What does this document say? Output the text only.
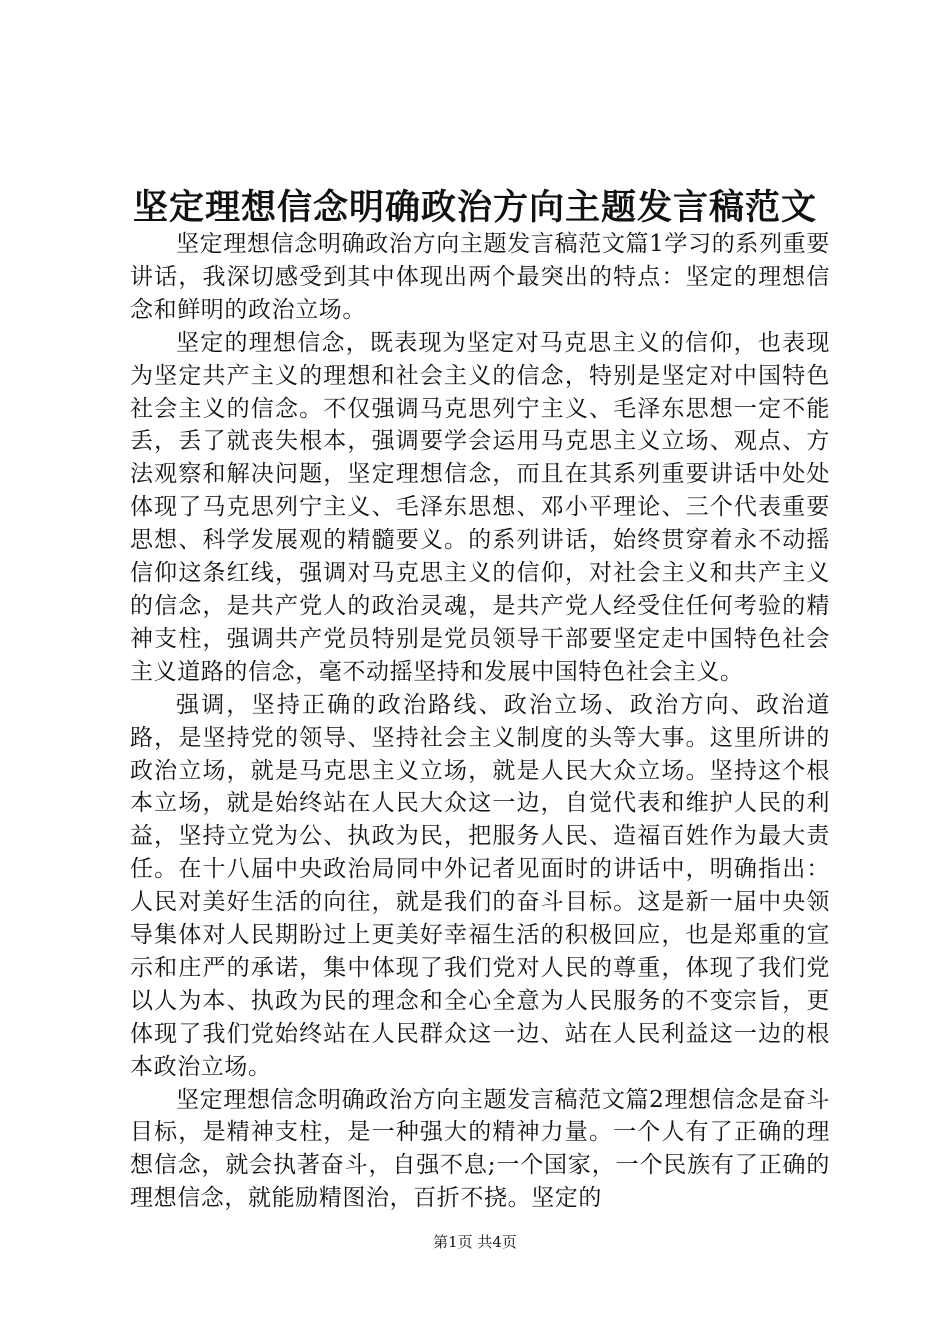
坚定理想信念明确政治方向主题发言稿范文

坚定理想信念明确政治方向主题发言稿范文篇1学习的系列重要讲话，我深切感受到其中体现出两个最突出的特点：坚定的理想信念和鲜明的政治立场。

坚定的理想信念，既表现为坚定对马克思主义的信仰，也表现为坚定共产主义的理想和社会主义的信念，特别是坚定对中国特色社会主义的信念。不仅强调马克思列宁主义、毛泽东思想一定不能丢，丢了就丧失根本，强调要学会运用马克思主义立场、观点、方法观察和解决问题，坚定理想信念，而且在其系列重要讲话中处处体现了马克思列宁主义、毛泽东思想、邓小平理论、三个代表重要思想、科学发展观的精髓要义。的系列讲话，始终贯穿着永不动摇信仰这条红线，强调对马克思主义的信仰，对社会主义和共产主义的信念，是共产党人的政治灵魂，是共产党人经受住任何考验的精神支柱，强调共产党员特别是党员领导干部要坚定走中国特色社会主义道路的信念，毫不动摇坚持和发展中国特色社会主义。

强调，坚持正确的政治路线、政治立场、政治方向、政治道路，是坚持党的领导、坚持社会主义制度的头等大事。这里所讲的政治立场，就是马克思主义立场，就是人民大众立场。坚持这个根本立场，就是始终站在人民大众这一边，自觉代表和维护人民的利益，坚持立党为公、执政为民，把服务人民、造福百姓作为最大责任。在十八届中央政治局同中外记者见面时的讲话中，明确指出：人民对美好生活的向往，就是我们的奋斗目标。这是新一届中央领导集体对人民期盼过上更美好幸福生活的积极回应，也是郑重的宣示和庄严的承诺，集中体现了我们党对人民的尊重，体现了我们党以人为本、执政为民的理念和全心全意为人民服务的不变宗旨，更体现了我们党始终站在人民群众这一边、站在人民利益这一边的根本政治立场。

坚定理想信念明确政治方向主题发言稿范文篇2理想信念是奋斗目标，是精神支柱，是一种强大的精神力量。一个人有了正确的理想信念，就会执著奋斗，自强不息;一个国家，一个民族有了正确的理想信念，就能励精图治，百折不挠。坚定的

第1页 共4页
